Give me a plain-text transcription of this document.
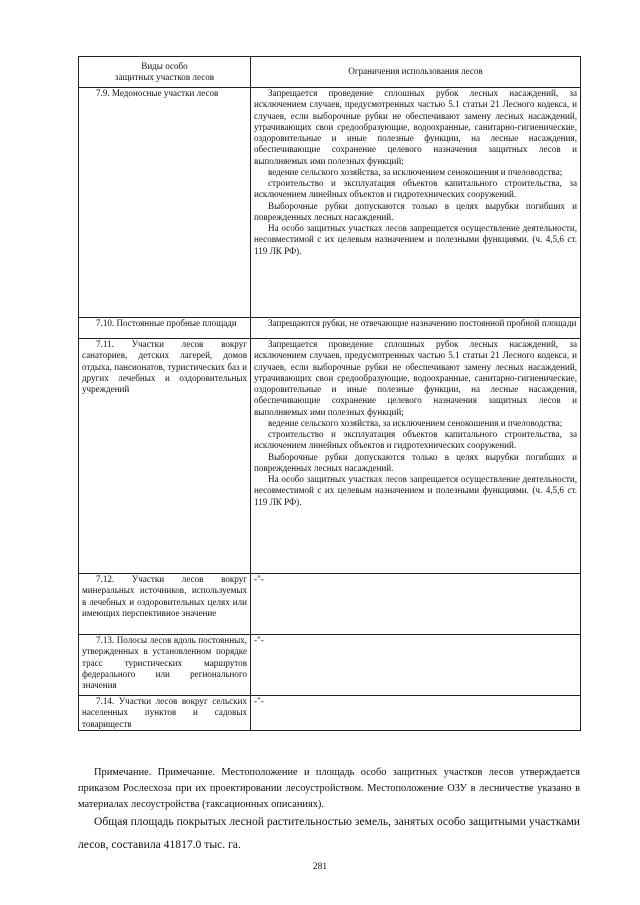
Виды особо
защитных участков лесов	Ограничения использования лесов
7.9. Медоносные участки лесов	Запрещается проведение сплошных рубок лесных насаждений, за исключением случаев, предусмотренных частью 5.1 статьи 21 Лесного кодекса, и случаев, если выборочные рубки не обеспечивают замену лесных насаждений, утрачивающих свои средообразующие, водоохранные, санитарно-гигиенические, оздоровительные и иные полезные функции, на лесные насаждения, обеспечивающие сохранение целевого назначения защитных лесов и выполняемых ими полезных функций;

ведение сельского хозяйства, за исключением сенокошения и пчеловодства;

строительство и эксплуатация объектов капитального строительства, за исключением линейных объектов и гидротехнических сооружений.

Выборочные рубки допускаются только в целях вырубки погибших и поврежденных лесных насаждений.

На особо защитных участках лесов запрещается осуществление деятельности, несовместимой с их целевым назначением и полезными функциями. (ч. 4,5,6 ст. 119 ЛК РФ).

7.10. Постоянные пробные площади	Запрещаются рубки, не отвечающие назначению постоянной пробной площади

7.11. Участки лесов вокруг санаториев, детских лагерей, домов отдыха, пансионатов, туристических баз и других лечебных и оздоровительных учреждений	Запрещается проведение сплошных рубок лесных насаждений, за исключением случаев, предусмотренных частью 5.1 статьи 21 Лесного кодекса, и случаев, если выборочные рубки не обеспечивают замену лесных насаждений, утрачивающих свои средообразующие, водоохранные, санитарно-гигиенические, оздоровительные и иные полезные функции, на лесные насаждения, обеспечивающие сохранение целевого назначения защитных лесов и выполняемых ими полезных функций;

ведение сельского хозяйства, за исключением сенокошения и пчеловодства;

строительство и эксплуатация объектов капитального строительства, за исключением линейных объектов и гидротехнических сооружений.

Выборочные рубки допускаются только в целях вырубки погибших и поврежденных лесных насаждений.

На особо защитных участках лесов запрещается осуществление деятельности, несовместимой с их целевым назначением и полезными функциями. (ч. 4,5,6 ст. 119 ЛК РФ).

7.12. Участки лесов вокруг минеральных источников, используемых в лечебных и оздоровительных целях или имеющих перспективное значение	-"-
7.13. Полосы лесов вдоль постоянных, утвержденных в установленном порядке трасс туристических маршрутов федерального или регионального значения	-"-
7.14. Участки лесов вокруг сельских населенных пунктов и садовых товариществ	-"-

Примечание. Примечание. Местоположение и площадь особо защитных участков лесов утверждается приказом Рослесхоза при их проектировании лесоустройством. Местоположение ОЗУ в лесничестве указано в материалах лесоустройства (таксационных описаниях).

Общая площадь покрытых лесной растительностью земель, занятых особо защитными участками лесов, составила 41817.0 тыс. га.

281
